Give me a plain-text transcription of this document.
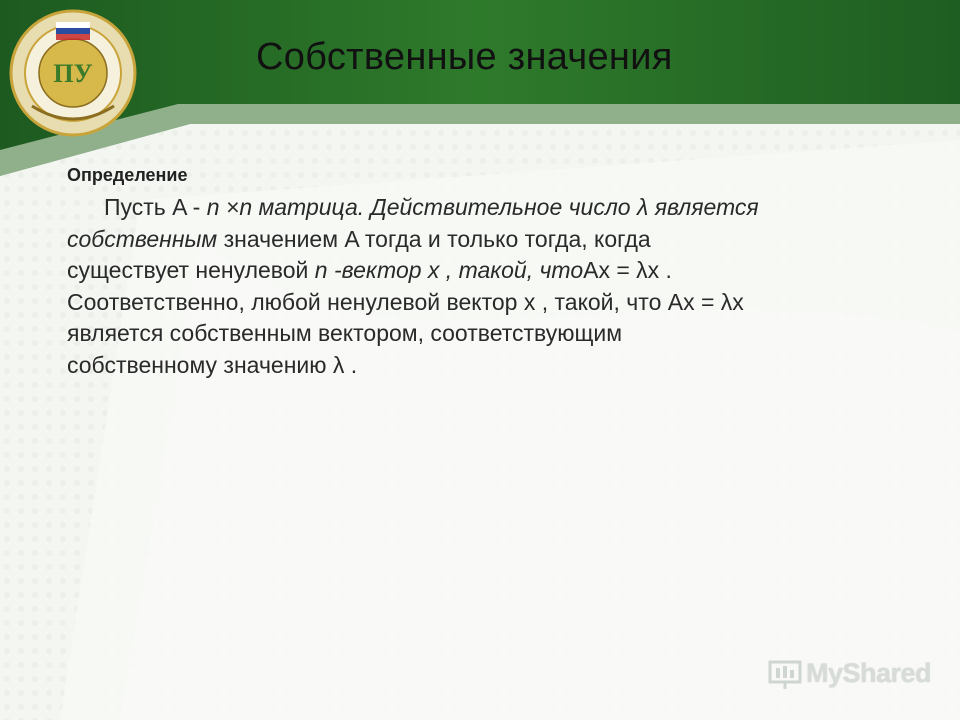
ПУ	Собственные значения
Определение
Пусть A - n ×n матрица. Действительное число λ является
собственным значением A тогда и только тогда, когда
существует ненулевой n -вектор x , такой, чтоAx = λx .
Соответственно, любой ненулевой вектор x , такой, что Ax = λx
является собственным вектором, соответствующим
собственному значению λ .
MyShared
